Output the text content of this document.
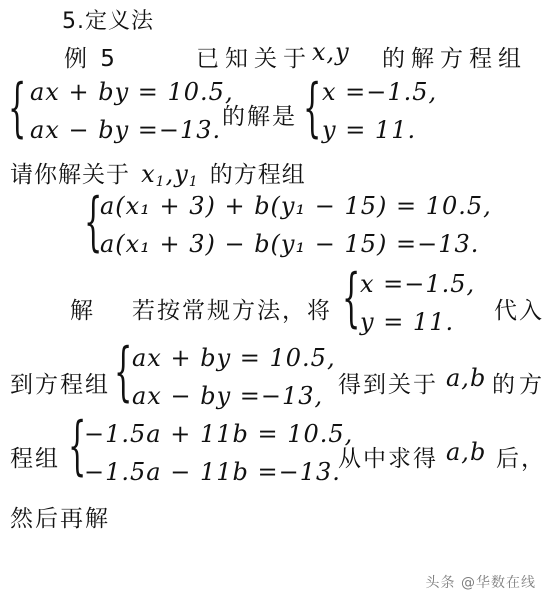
5.定义法
例 5	已知关于 x,y 的解方程组
{ ax + by = 10.5,
ax − by =−13. 的解是 { x =−1.5,
y = 11.
请你解关于 $x_1,y_1$ 的方程组
{
a(x₁ + 3) + b(y₁ − 15) = 10.5,
a(x₁ + 3) − b(y₁ − 15) =−13.
解 若按常规方法，将 { x =−1.5,
y = 11. 代入
到方程组 { ax + by = 10.5,
ax − by =−13, 得到关于 a,b 的方
程组 {
−1.5a + 11b = 10.5,
−1.5a − 11b =−13.
从中求得 a,b 后，
然后再解
头条 @华数在线
